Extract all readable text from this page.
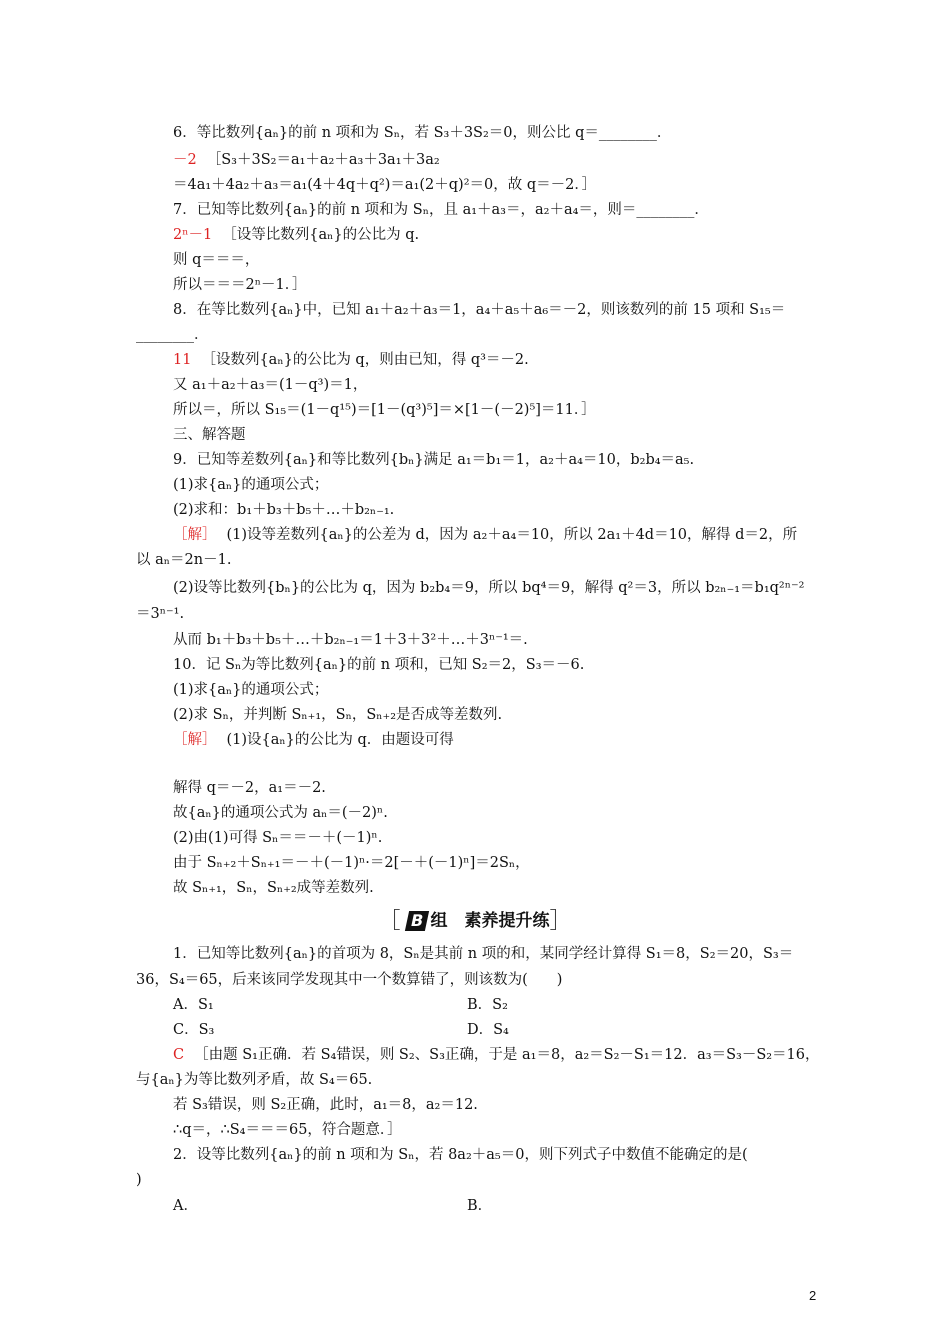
6．等比数列{aₙ}的前 n 项和为 Sₙ，若 S₃＋3S₂＝0，则公比 q＝________．
－2 ［S₃＋3S₂＝a₁＋a₂＋a₃＋3a₁＋3a₂
＝4a₁＋4a₂＋a₃＝a₁(4＋4q＋q²)＝a₁(2＋q)²＝0，故 q＝－2．］
7．已知等比数列{aₙ}的前 n 项和为 Sₙ，且 a₁＋a₃＝，a₂＋a₄＝，则＝________．
2ⁿ－1 ［设等比数列{aₙ}的公比为 q.
则 q＝＝＝，
所以＝＝＝2ⁿ－1．］
8．在等比数列{aₙ}中，已知 a₁＋a₂＋a₃＝1，a₄＋a₅＋a₆＝－2，则该数列的前 15 项和 S₁₅＝
________．
11 ［设数列{aₙ}的公比为 q，则由已知，得 q³＝－2.
又 a₁＋a₂＋a₃＝(1－q³)＝1，
所以＝，所以 S₁₅＝(1－q¹⁵)＝[1－(q³)⁵]＝×[1－(－2)⁵]＝11．］
三、解答题
9．已知等差数列{aₙ}和等比数列{bₙ}满足 a₁＝b₁＝1，a₂＋a₄＝10，b₂b₄＝a₅.
(1)求{aₙ}的通项公式；
(2)求和：b₁＋b₃＋b₅＋…＋b₂ₙ₋₁.
［解］ (1)设等差数列{aₙ}的公差为 d，因为 a₂＋a₄＝10，所以 2a₁＋4d＝10，解得 d＝2，所
以 aₙ＝2n－1.
(2)设等比数列{bₙ}的公比为 q，因为 b₂b₄＝9，所以 bq⁴＝9，解得 q²＝3，所以 b₂ₙ₋₁＝b₁q²ⁿ⁻²
＝3ⁿ⁻¹.
从而 b₁＋b₃＋b₅＋…＋b₂ₙ₋₁＝1＋3＋3²＋…＋3ⁿ⁻¹＝.
10．记 Sₙ为等比数列{aₙ}的前 n 项和，已知 S₂＝2，S₃＝－6.
(1)求{aₙ}的通项公式；
(2)求 Sₙ，并判断 Sₙ₊₁，Sₙ，Sₙ₊₂是否成等差数列.
［解］ (1)设{aₙ}的公比为 q．由题设可得
解得 q＝－2，a₁＝－2.
故{aₙ}的通项公式为 aₙ＝(－2)ⁿ.
(2)由(1)可得 Sₙ＝＝－＋(－1)ⁿ.
由于 Sₙ₊₂＋Sₙ₊₁＝－＋(－1)ⁿ·＝2[－＋(－1)ⁿ]＝2Sₙ，
故 Sₙ₊₁，Sₙ，Sₙ₊₂成等差数列.
1．已知等比数列{aₙ}的首项为 8，Sₙ是其前 n 项的和，某同学经计算得 S₁＝8，S₂＝20，S₃＝
36，S₄＝65，后来该同学发现其中一个数算错了，则该数为(　　)
A．S₁	B．S₂
C．S₃	D．S₄
C ［由题 S₁正确．若 S₄错误，则 S₂、S₃正确，于是 a₁＝8，a₂＝S₂－S₁＝12．a₃＝S₃－S₂＝16，
与{aₙ}为等比数列矛盾，故 S₄＝65.
若 S₃错误，则 S₂正确，此时，a₁＝8，a₂＝12.
∴q＝，∴S₄＝＝＝65，符合题意．］
2．设等比数列{aₙ}的前 n 项和为 Sₙ，若 8a₂＋a₅＝0，则下列式子中数值不能确定的是(
)
A．	B．
［ B 组　素养提升练］
2
